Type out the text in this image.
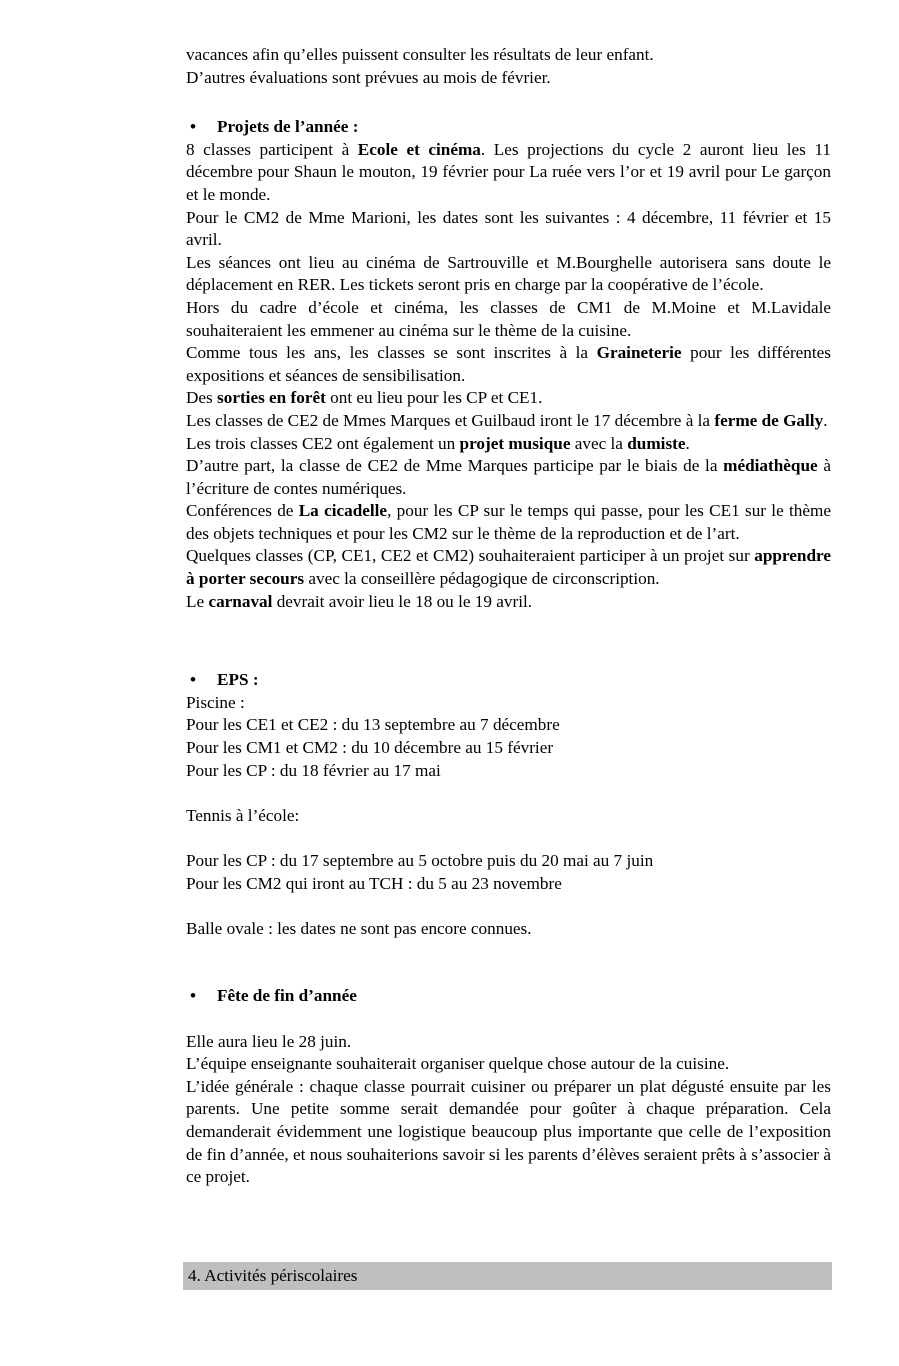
vacances afin qu’elles puissent consulter les résultats de leur enfant.

D’autres évaluations sont prévues au mois de février.

• Projets de l’année :

8 classes participent à Ecole et cinéma. Les projections du cycle 2 auront lieu les 11 décembre pour Shaun le mouton, 19 février pour La ruée vers l’or et 19 avril pour Le garçon et le monde.

Pour le CM2 de Mme Marioni, les dates sont les suivantes : 4 décembre, 11 février et 15 avril.

Les séances ont lieu au cinéma de Sartrouville et M.Bourghelle autorisera sans doute le déplacement en RER. Les tickets seront pris en charge par la coopérative de l’école.

Hors du cadre d’école et cinéma, les classes de CM1 de M.Moine et M.Lavidale souhaiteraient les emmener au cinéma sur le thème de la cuisine.

Comme tous les ans, les classes se sont inscrites à la Graineterie pour les différentes expositions et séances de sensibilisation.

Des sorties en forêt ont eu lieu pour les CP et CE1.

Les classes de CE2 de Mmes Marques et Guilbaud iront le 17 décembre à la ferme de Gally.

Les trois classes CE2 ont également un projet musique avec la dumiste.

D’autre part, la classe de CE2 de Mme Marques participe par le biais de la médiathèque à l’écriture de contes numériques.

Conférences de La cicadelle, pour les CP sur le temps qui passe, pour les CE1 sur le thème des objets techniques et pour les CM2 sur le thème de la reproduction et de l’art.

Quelques classes (CP, CE1, CE2 et CM2) souhaiteraient participer à un projet sur apprendre à porter secours avec la conseillère pédagogique de circonscription.

Le carnaval devrait avoir lieu le 18 ou le 19 avril.

• EPS :

Piscine :

Pour les CE1 et CE2 : du 13 septembre au 7 décembre

Pour les CM1 et CM2 : du 10 décembre au 15 février

Pour les CP : du 18 février au 17 mai

Tennis à l’école:

Pour les CP : du 17 septembre au 5 octobre puis du 20 mai au 7 juin

Pour les CM2 qui iront au TCH : du 5 au 23 novembre

Balle ovale : les dates ne sont pas encore connues.

• Fête de fin d’année

Elle aura lieu le 28 juin.

L’équipe enseignante souhaiterait organiser quelque chose autour de la cuisine.

L’idée générale : chaque classe pourrait cuisiner ou préparer un plat dégusté ensuite par les parents. Une petite somme serait demandée pour goûter à chaque préparation. Cela demanderait évidemment une logistique beaucoup plus importante que celle de l’exposition de fin d’année, et nous souhaiterions savoir si les parents d’élèves seraient prêts à s’associer à ce projet.

4. Activités périscolaires
